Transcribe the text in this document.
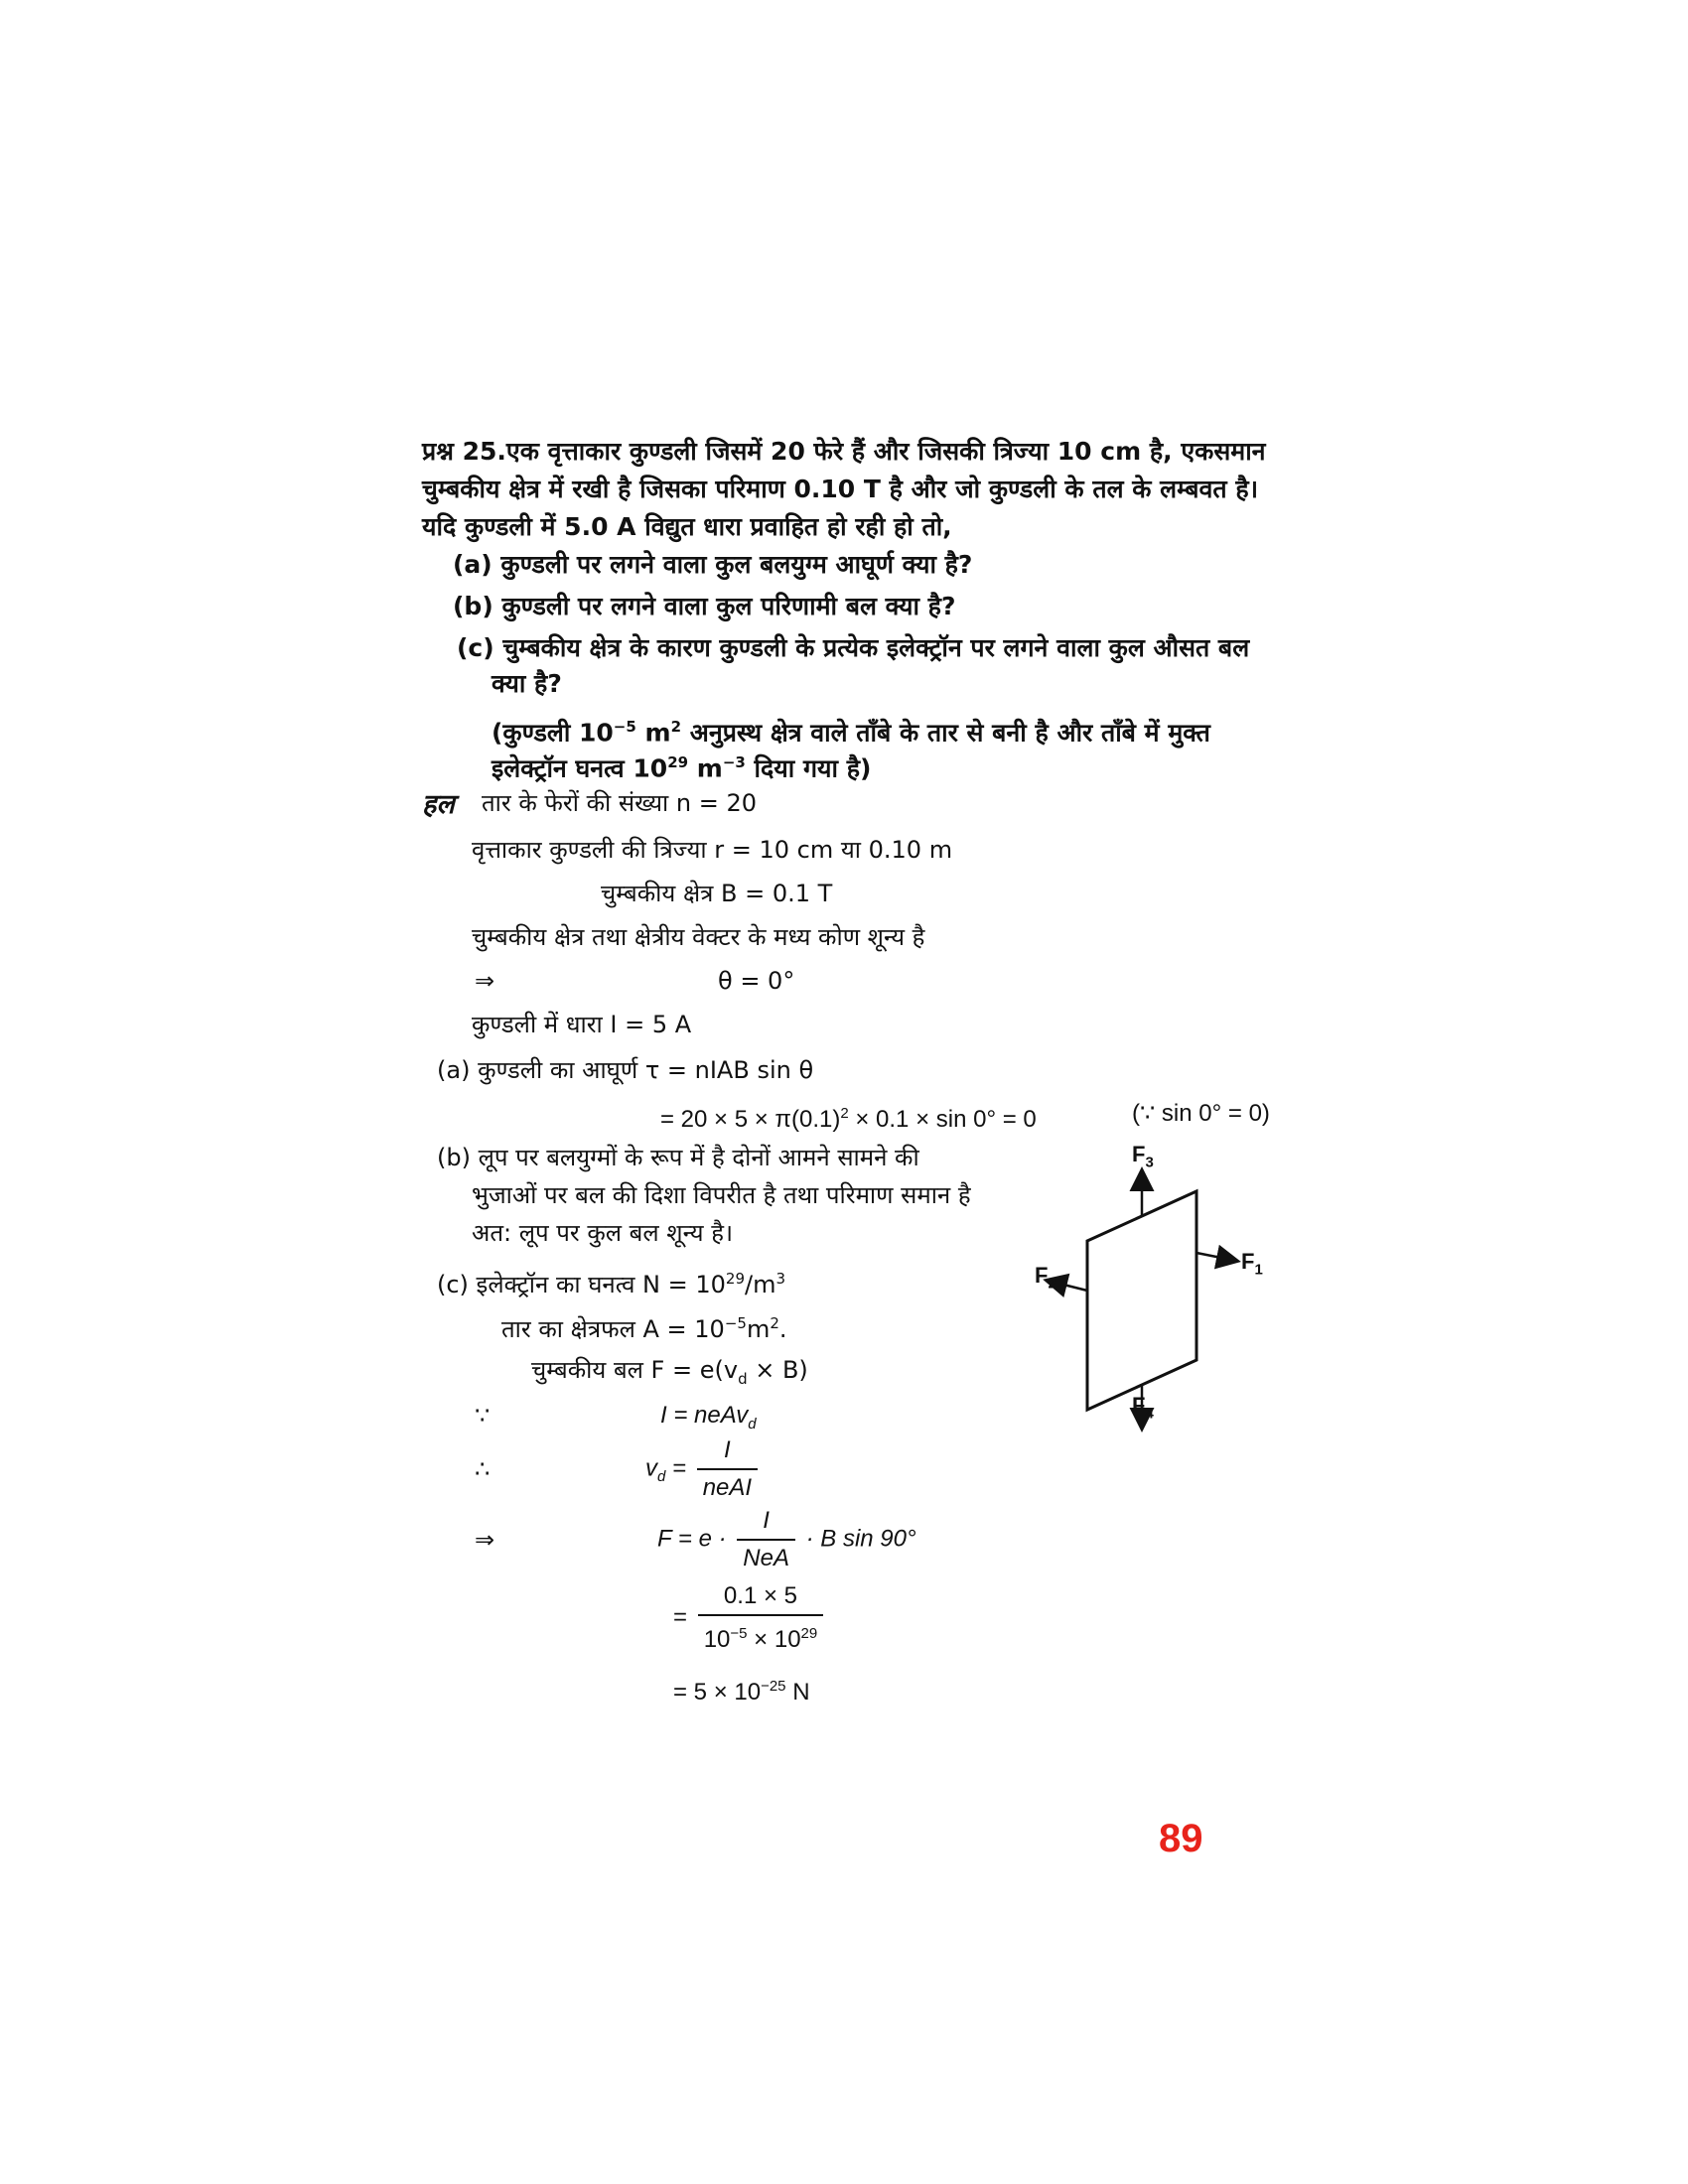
प्रश्न 25.एक वृत्ताकार कुण्डली जिसमें 20 फेरे हैं और जिसकी त्रिज्या 10 cm है, एकसमान
चुम्बकीय क्षेत्र में रखी है जिसका परिमाण 0.10 T है और जो कुण्डली के तल के लम्बवत है।
यदि कुण्डली में 5.0 A विद्युत धारा प्रवाहित हो रही हो तो,
(a) कुण्डली पर लगने वाला कुल बलयुग्म आघूर्ण क्या है?
(b) कुण्डली पर लगने वाला कुल परिणामी बल क्या है?
(c) चुम्बकीय क्षेत्र के कारण कुण्डली के प्रत्येक इलेक्ट्रॉन पर लगने वाला कुल औसत बल
क्या है?
(कुण्डली $10^{-5}$ $m^2$ अनुप्रस्थ क्षेत्र वाले ताँबे के तार से बनी है और ताँबे में मुक्त
इलेक्ट्रॉन घनत्व $10^{29}$ $m^{-3}$ दिया गया है)
हल तार के फेरों की संख्या n = 20
वृत्ताकार कुण्डली की त्रिज्या r = 10 cm या 0.10 m
चुम्बकीय क्षेत्र B = 0.1 T
चुम्बकीय क्षेत्र तथा क्षेत्रीय वेक्टर के मध्य कोण शून्य है
⇒	θ = 0°
कुण्डली में धारा I = 5 A
(a) कुण्डली का आघूर्ण τ = nIAB sin θ
= $20 \times 5 \times \pi(0.1)^2 \times 0.1 \times \sin 0^\circ = 0$	(∵ sin 0° = 0)
(b) लूप पर बलयुग्मों के रूप में है दोनों आमने सामने की
भुजाओं पर बल की दिशा विपरीत है तथा परिमाण समान है
अत: लूप पर कुल बल शून्य है।
(c) इलेक्ट्रॉन का घनत्व $N = 10^{29}/m^3$
तार का क्षेत्रफल $A = 10^{-5}m^2$.
चुम्बकीय बल $F = e(v_d \times B)$
∵	I = neAv$_d$
∴	$v_d = \frac{I}{\text{neAI}}$
⇒	$F = e \cdot \frac{I}{\text{NeA}} \cdot B$ sin 90°
= $\frac{0.1 \times 5}{10^{-5} \times 10^{29}}$
= $5 \times 10^{-25}$ N
$F_3$
$F_1$
$F_2$
$F_4$
89
